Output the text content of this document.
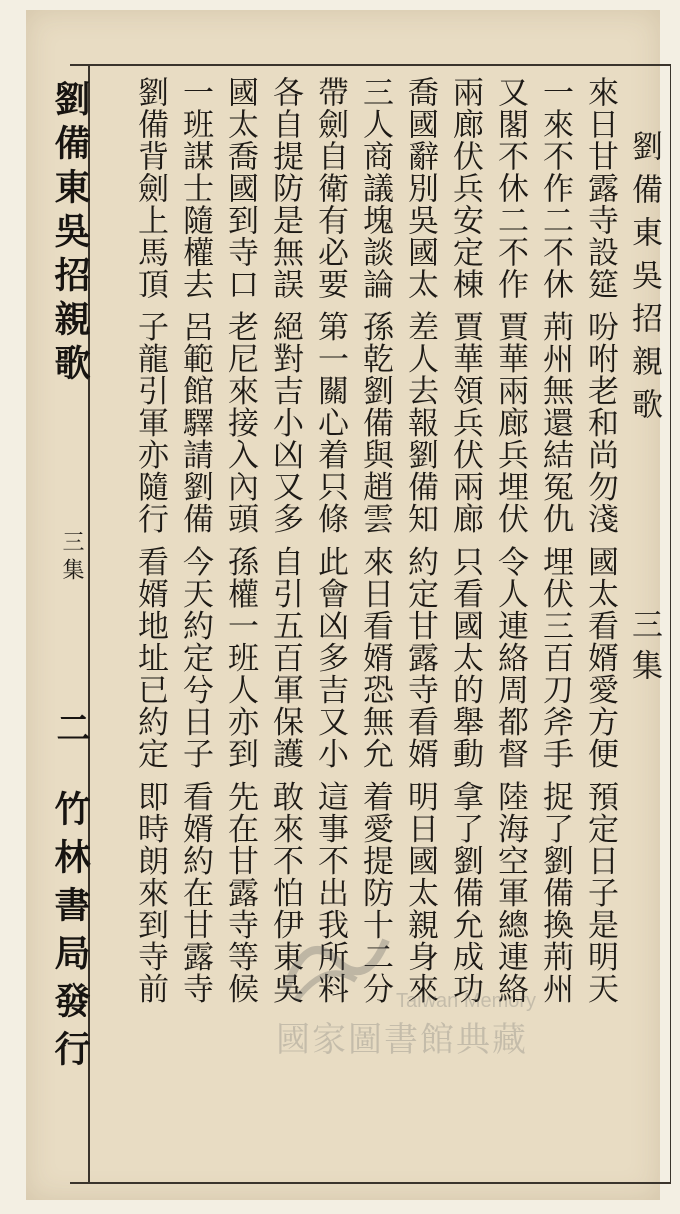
劉備東吳招親歌
三集
來日甘露寺設筵 吩咐老和尚勿淺 國太看婿愛方便 預定日子是明天
一來不作二不休 荊州無還結冤仇 埋伏三百刀斧手 捉了劉備換荊州
又閣不休二不作 賈華兩廊兵埋伏 令人連絡周都督 陸海空軍總連絡
兩廊伏兵安定棟 賈華領兵伏兩廊 只看國太的舉動 拿了劉備允成功
喬國辭別吳國太 差人去報劉備知 約定甘露寺看婿 明日國太親身來
三人商議塊談論 孫乾劉備與趙雲 來日看婿恐無允 着愛提防十二分
帶劍自衛有必要 第一關心着只條 此會凶多吉又小 這事不出我所料
各自提防是無誤 絕對吉小凶又多 自引五百軍保護 敢來不怕伊東吳
國太喬國到寺口 老尼來接入內頭 孫權一班人亦到 先在甘露寺等候
一班謀士隨權去 呂範館驛請劉備 今天約定兮日子 看婿約在甘露寺
劉備背劍上馬頂 子龍引軍亦隨行 看婿地址已約定 即時朗來到寺前
劉備東吳招親歌
三集
二
竹林書局發行	Taiwan Memory
國家圖書館典藏
